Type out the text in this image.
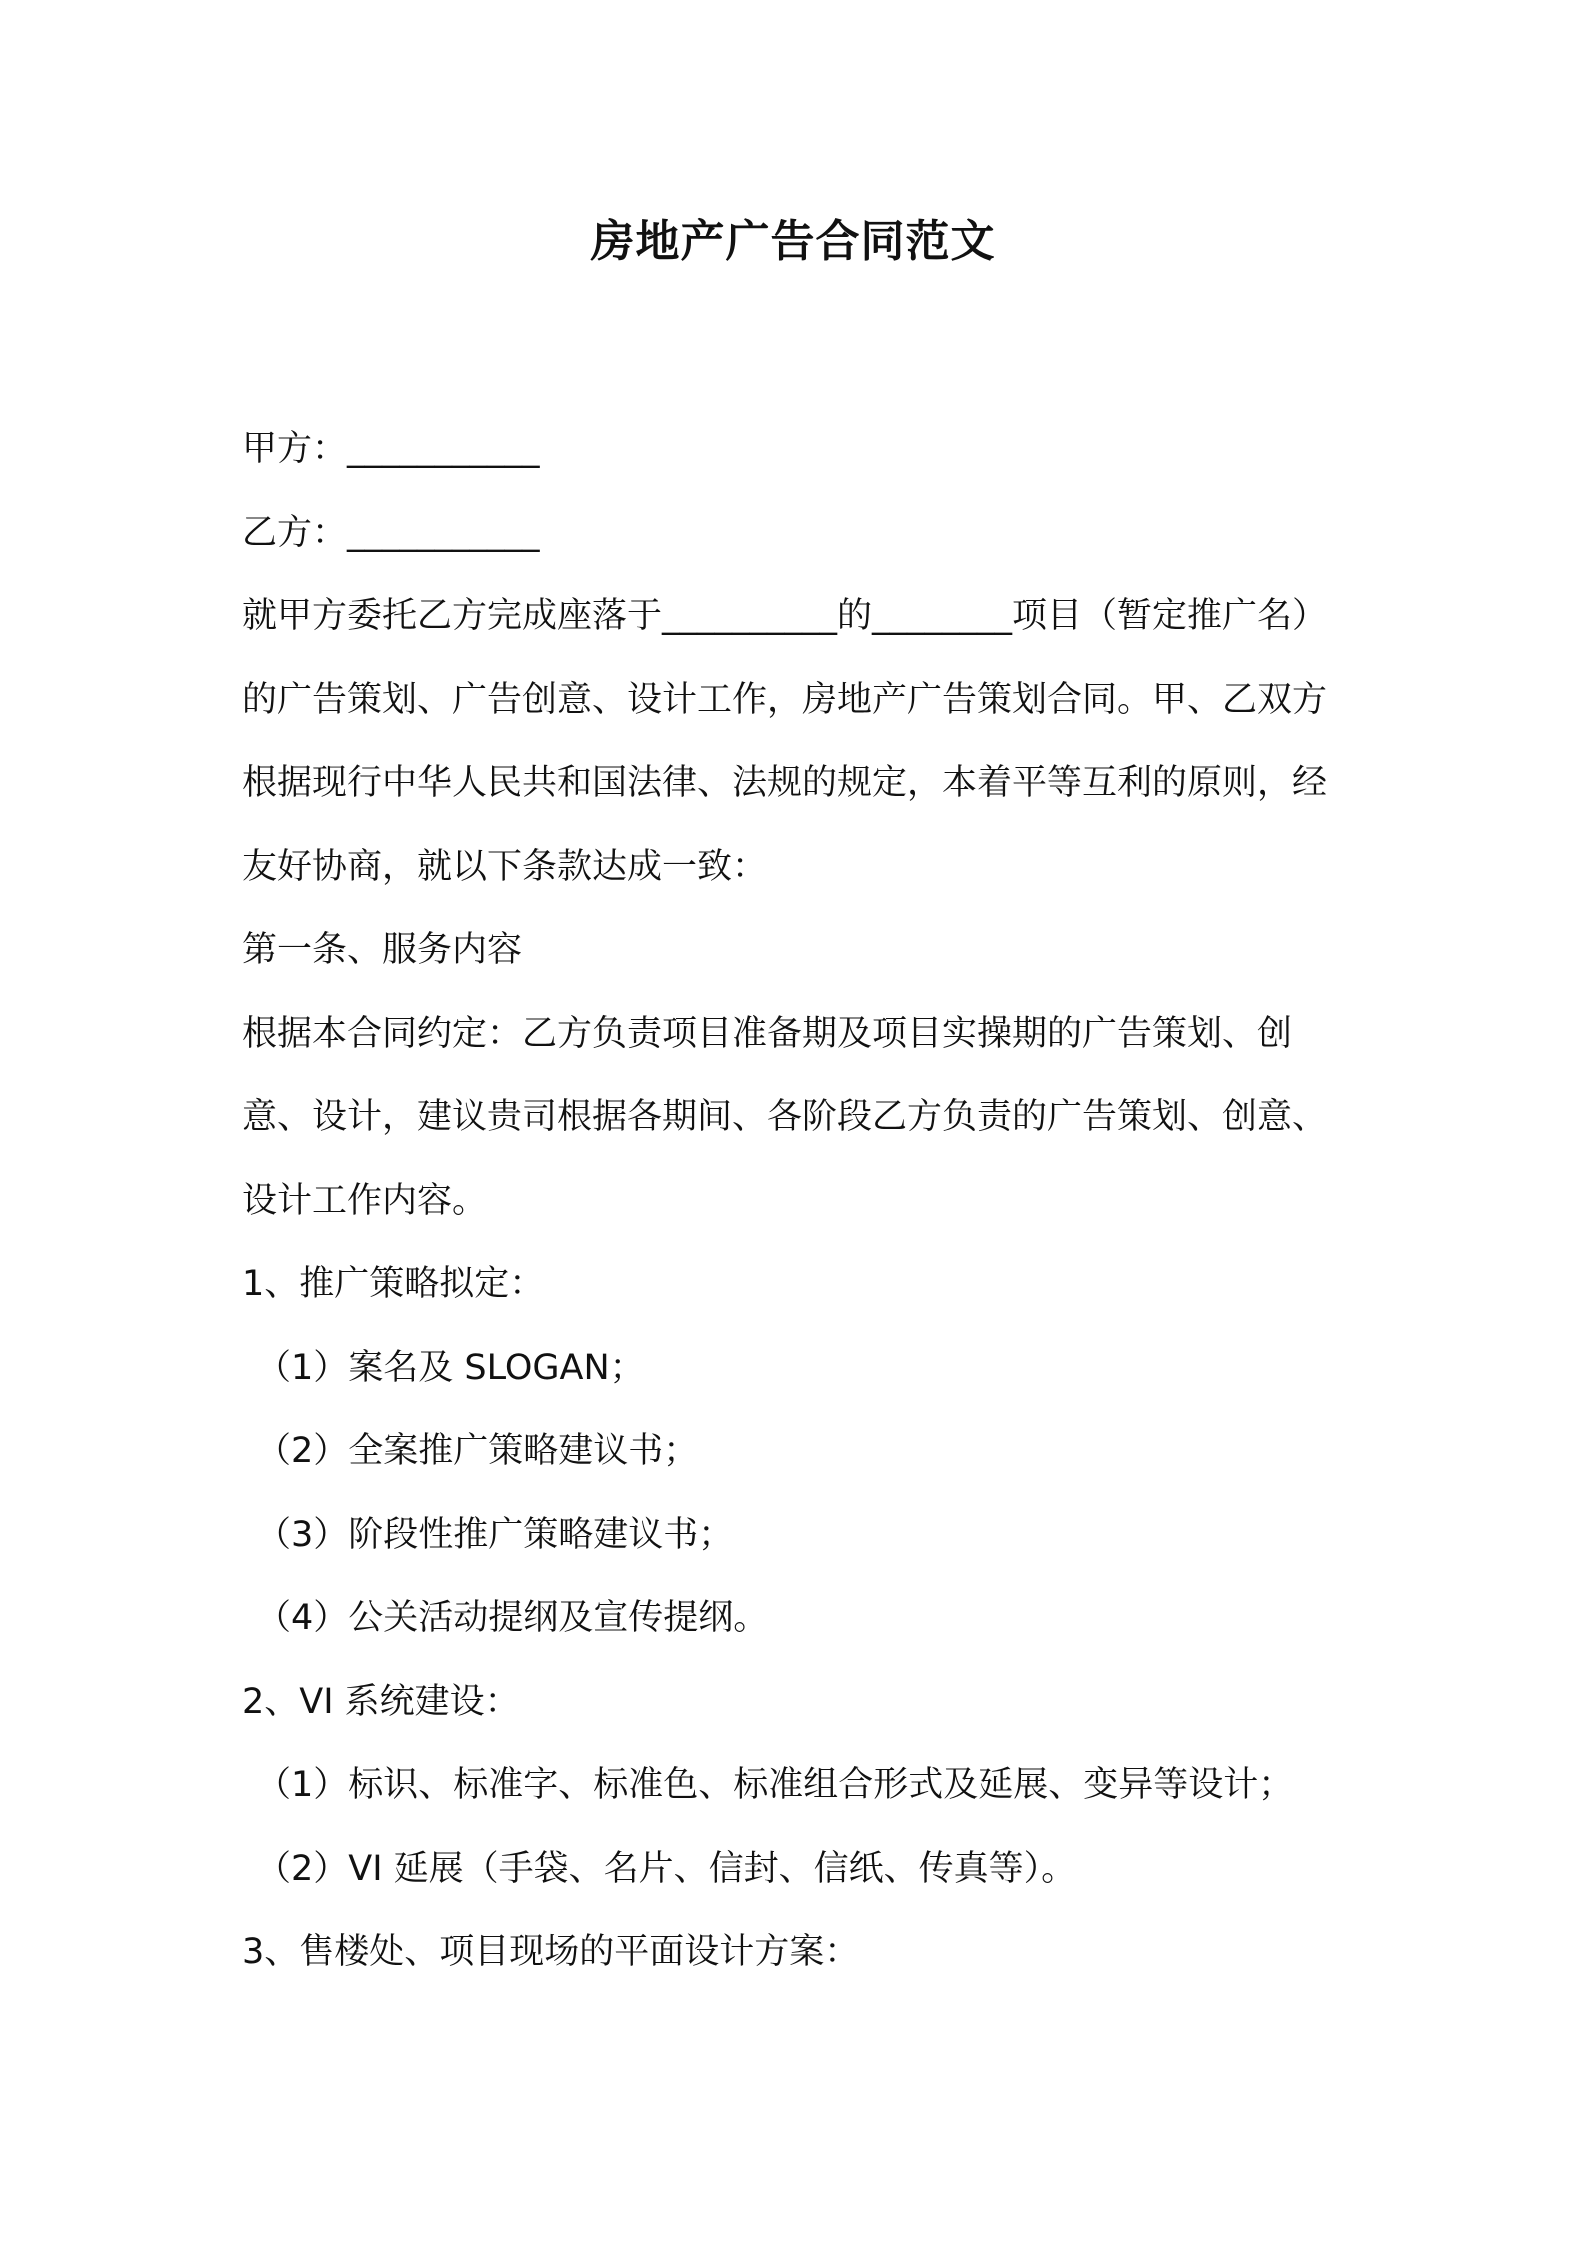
房地产广告合同范文

甲方：___________

乙方：___________

就甲方委托乙方完成座落于__________的________项目（暂定推广名）的广告策划、广告创意、设计工作，房地产广告策划合同。甲、乙双方根据现行中华人民共和国法律、法规的规定，本着平等互利的原则，经友好协商，就以下条款达成一致：

第一条、服务内容

根据本合同约定：乙方负责项目准备期及项目实操期的广告策划、创意、设计，建议贵司根据各期间、各阶段乙方负责的广告策划、创意、设计工作内容。

1、推广策略拟定：

（1）案名及 SLOGAN；

（2）全案推广策略建议书；

（3）阶段性推广策略建议书；

（4）公关活动提纲及宣传提纲。

2、VI 系统建设：

（1）标识、标准字、标准色、标准组合形式及延展、变异等设计；

（2）VI 延展（手袋、名片、信封、信纸、传真等）。

3、售楼处、项目现场的平面设计方案：
